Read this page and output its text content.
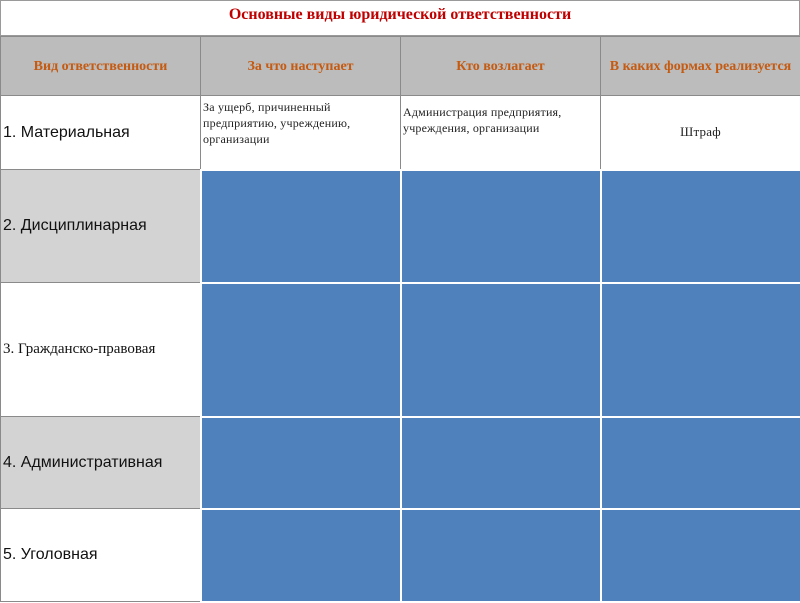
Основные виды юридической ответственности
Вид ответственности	За что наступает	Кто возлагает	В каких формах реализуется
1. Материальная	За ущерб, причиненный предприятию, учреждению, организации	Администрация предприятия, учреждения, организации	Штраф
2. Дисциплинарная			
3. Гражданско-правовая			
4. Административная			
5. Уголовная			
